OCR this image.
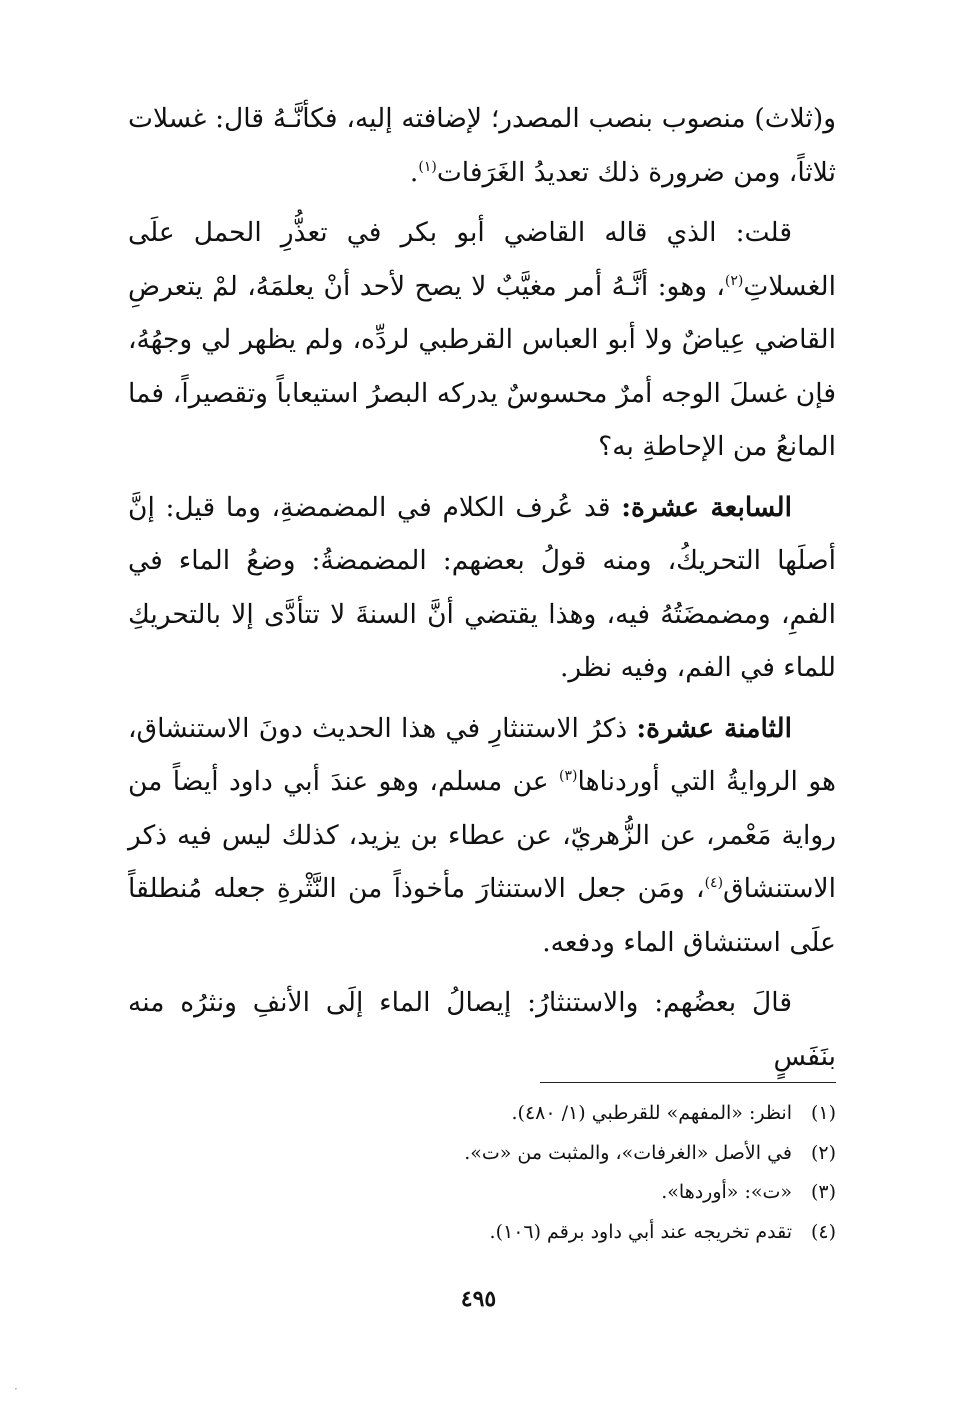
و(ثلاث) منصوب بنصب المصدر؛ لإضافته إليه، فكأنَّـهُ قال: غسلات ثلاثاً، ومن ضرورة ذلك تعديدُ الغَرَفات$^{(١)}$.

قلت: الذي قاله القاضي أبو بكر في تعذُّرِ الحمل علَى الغسلاتِ$^{(٢)}$، وهو: أنَّـهُ أمر مغيَّبٌ لا يصح لأحد أنْ يعلمَهُ، لمْ يتعرضِ القاضي عِياضٌ ولا أبو العباس القرطبي لردِّه، ولم يظهر لي وجهُهُ، فإن غسلَ الوجه أمرٌ محسوسٌ يدركه البصرُ استيعاباً وتقصيراً، فما المانعُ من الإحاطةِ به؟

السابعة عشرة: قد عُرف الكلام في المضمضةِ، وما قيل: إنَّ أصلَها التحريكُ، ومنه قولُ بعضهم: المضمضةُ: وضعُ الماء في الفمِ، ومضمضَتُهُ فيه، وهذا يقتضي أنَّ السنةَ لا تتأدَّى إلا بالتحريكِ للماء في الفم، وفيه نظر.

الثامنة عشرة: ذكرُ الاستنثارِ في هذا الحديث دونَ الاستنشاق، هو الروايةُ التي أوردناها$^{(٣)}$ عن مسلم، وهو عندَ أبي داود أيضاً من رواية مَعْمر، عن الزُّهريّ، عن عطاء بن يزيد، كذلك ليس فيه ذكر الاستنشاق$^{(٤)}$، ومَن جعل الاستنثارَ مأخوذاً من النَّثْرةِ جعله مُنطلقاً علَى استنشاق الماء ودفعه.

قالَ بعضُهم: والاستنثارُ: إيصالُ الماء إلَى الأنفِ ونثرُه منه بنَفَسٍ

(١)
انظر: «المفهم» للقرطبي (١/ ٤٨٠).
(٢)
في الأصل «الغرفات»، والمثبت من «ت».
(٣)
«ت»: «أوردها».
(٤)
تقدم تخريجه عند أبي داود برقم (١٠٦).
٤٩٥
·
